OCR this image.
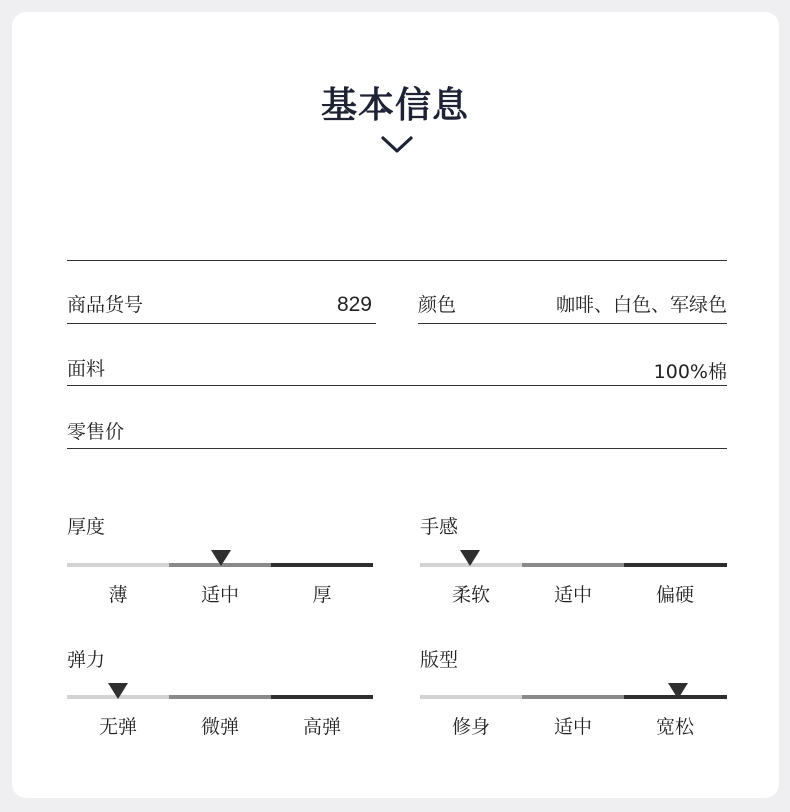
基本信息
商品货号	829 颜色	咖啡、白色、军绿色
面料	100%棉
零售价
厚度
薄	适中	厚
手感
柔软	适中	偏硬
弹力
无弹	微弹	高弹
版型
修身	适中	宽松
